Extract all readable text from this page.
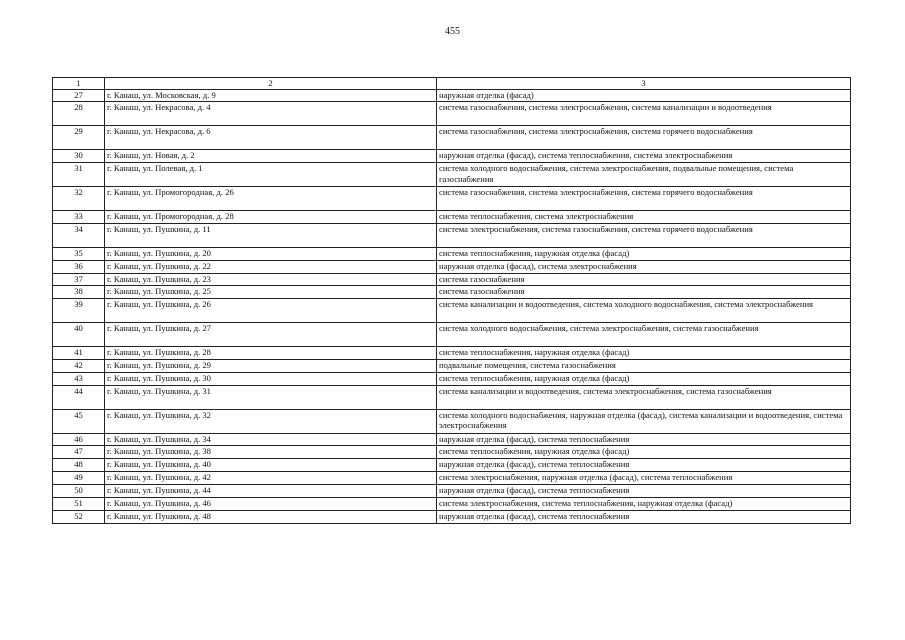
455
1	2	3
27	г. Канаш, ул. Московская, д. 9	наружная отделка (фасад)
28	г. Канаш, ул. Некрасова, д. 4	система газоснабжения, система электроснабжения, система канализации и водоотведения
29	г. Канаш, ул. Некрасова, д. 6	система газоснабжения, система электроснабжения, система горячего водоснабжения
30	г. Канаш, ул. Новая, д. 2	наружная отделка (фасад), система теплоснабжения, система электроснабжения
31	г. Канаш, ул. Полевая, д. 1	система холодного водоснабжения, система электроснабжения, подвальные помещения, система газоснабжения
32	г. Канаш, ул. Промогородная, д. 26	система газоснабжения, система электроснабжения, система горячего водоснабжения
33	г. Канаш, ул. Промогородная, д. 28	система теплоснабжения, система электроснабжения
34	г. Канаш, ул. Пушкина, д. 11	система электроснабжения, система газоснабжения, система горячего водоснабжения
35	г. Канаш, ул. Пушкина, д. 20	система теплоснабжения, наружная отделка (фасад)
36	г. Канаш, ул. Пушкина, д. 22	наружная отделка (фасад), система электроснабжения
37	г. Канаш, ул. Пушкина, д. 23	система газоснабжения
38	г. Канаш, ул. Пушкина, д. 25	система газоснабжения
39	г. Канаш, ул. Пушкина, д. 26	система канализации и водоотведения, система холодного водоснабжения, система электроснабжения
40	г. Канаш, ул. Пушкина, д. 27	система холодного водоснабжения, система электроснабжения, система газоснабжения
41	г. Канаш, ул. Пушкина, д. 28	система теплоснабжения, наружная отделка (фасад)
42	г. Канаш, ул. Пушкина, д. 29	подвальные помещения, система газоснабжения
43	г. Канаш, ул. Пушкина, д. 30	система теплоснабжения, наружная отделка (фасад)
44	г. Канаш, ул. Пушкина, д. 31	система канализации и водоотведения, система электроснабжения, система газоснабжения
45	г. Канаш, ул. Пушкина, д. 32	система холодного водоснабжения, наружная отделка (фасад), система канализации и водоотведения, система электроснабжения
46	г. Канаш, ул. Пушкина, д. 34	наружная отделка (фасад), система теплоснабжения
47	г. Канаш, ул. Пушкина, д. 38	система теплоснабжения, наружная отделка (фасад)
48	г. Канаш, ул. Пушкина, д. 40	наружная отделка (фасад), система теплоснабжения
49	г. Канаш, ул. Пушкина, д. 42	система электроснабжения, наружная отделка (фасад), система теплоснабжения
50	г. Канаш, ул. Пушкина, д. 44	наружная отделка (фасад), система теплоснабжения
51	г. Канаш, ул. Пушкина, д. 46	система электроснабжения, система теплоснабжения, наружная отделка (фасад)
52	г. Канаш, ул. Пушкина, д. 48	наружная отделка (фасад), система теплоснабжения
